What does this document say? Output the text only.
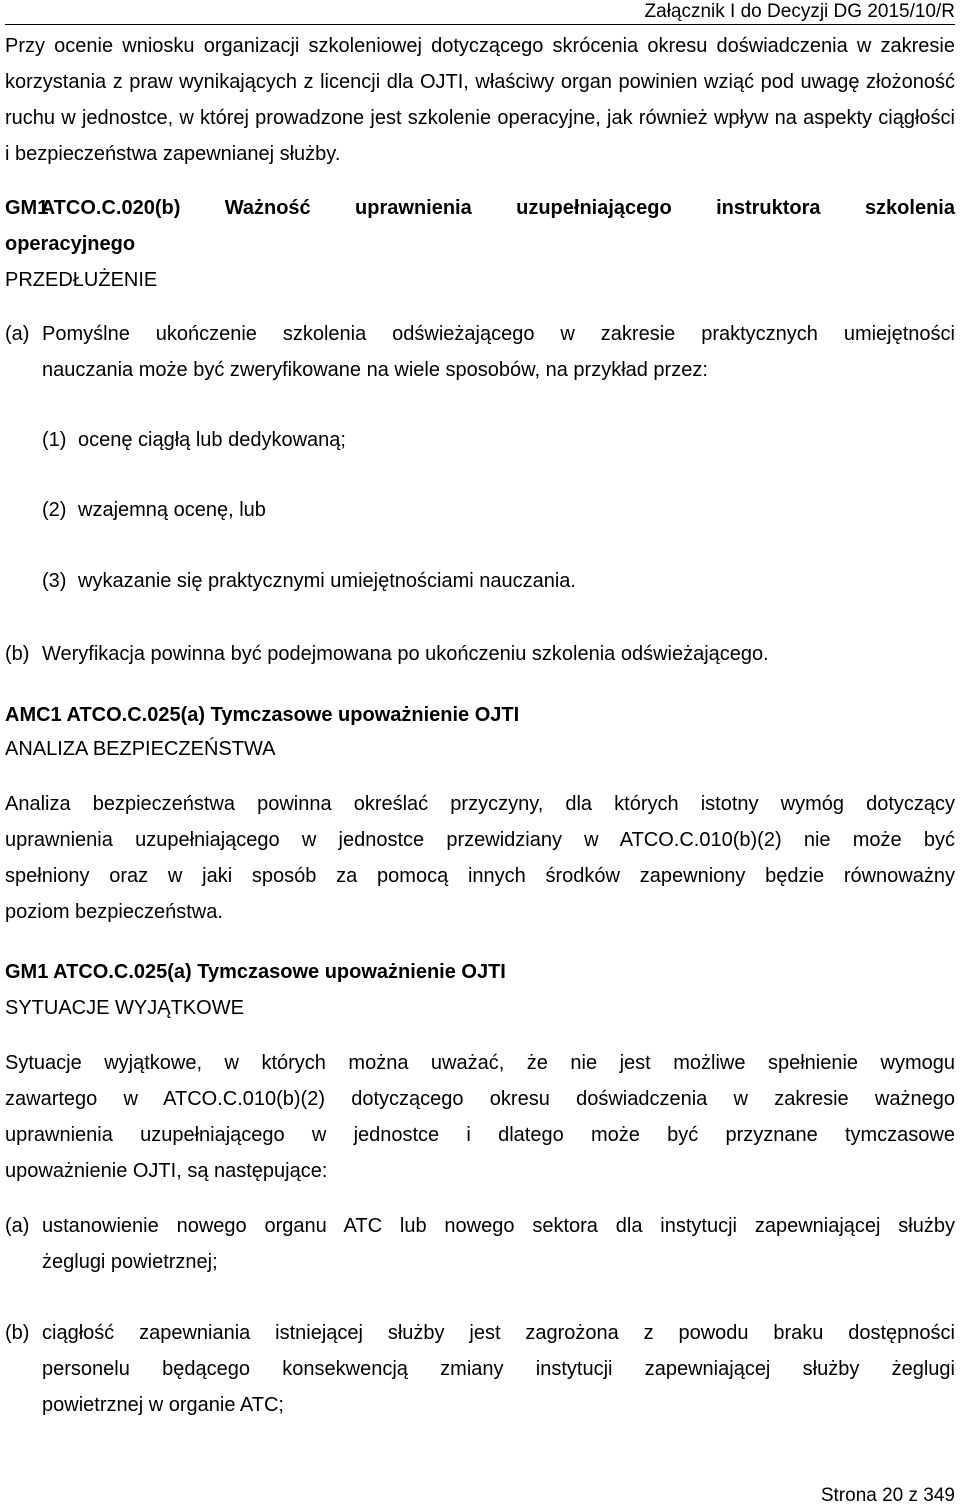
Załącznik I do Decyzji DG 2015/10/R

Przy ocenie wniosku organizacji szkoleniowej dotyczącego skrócenia okresu doświadczenia w zakresie korzystania z praw wynikających z licencji dla OJTI, właściwy organ powinien wziąć pod uwagę złożoność ruchu w jednostce, w której prowadzone jest szkolenie operacyjne, jak również wpływ na aspekty ciągłości i bezpieczeństwa zapewnianej służby.

GM1
ATCO.C.020(b) Ważność uprawnienia uzupełniającego instruktora szkolenia
operacyjnego
PRZEDŁUŻENIE
(a) Pomyślne ukończenie szkolenia odświeżającego w zakresie praktycznych umiejętności
nauczania może być zweryfikowane na wiele sposobów, na przykład przez:
(1) ocenę ciągłą lub dedykowaną;
(2) wzajemną ocenę, lub
(3) wykazanie się praktycznymi umiejętnościami nauczania.
(b) Weryfikacja powinna być podejmowana po ukończeniu szkolenia odświeżającego.
AMC1 ATCO.C.025(a) Tymczasowe upoważnienie OJTI
ANALIZA BEZPIECZEŃSTWA
Analiza bezpieczeństwa powinna określać przyczyny, dla których istotny wymóg dotyczący
uprawnienia uzupełniającego w jednostce przewidziany w ATCO.C.010(b)(2) nie może być
spełniony oraz w jaki sposób za pomocą innych środków zapewniony będzie równoważny
poziom bezpieczeństwa.
GM1 ATCO.C.025(a) Tymczasowe upoważnienie OJTI
SYTUACJE WYJĄTKOWE
Sytuacje wyjątkowe, w których można uważać, że nie jest możliwe spełnienie wymogu
zawartego w ATCO.C.010(b)(2) dotyczącego okresu doświadczenia w zakresie ważnego
uprawnienia uzupełniającego w jednostce i dlatego może być przyznane tymczasowe
upoważnienie OJTI, są następujące:
(a) ustanowienie nowego organu ATC lub nowego sektora dla instytucji zapewniającej służby
żeglugi powietrznej;
(b) ciągłość zapewniania istniejącej służby jest zagrożona z powodu braku dostępności
personelu będącego konsekwencją zmiany instytucji zapewniającej służby żeglugi
powietrznej w organie ATC;
Strona 20 z 349
